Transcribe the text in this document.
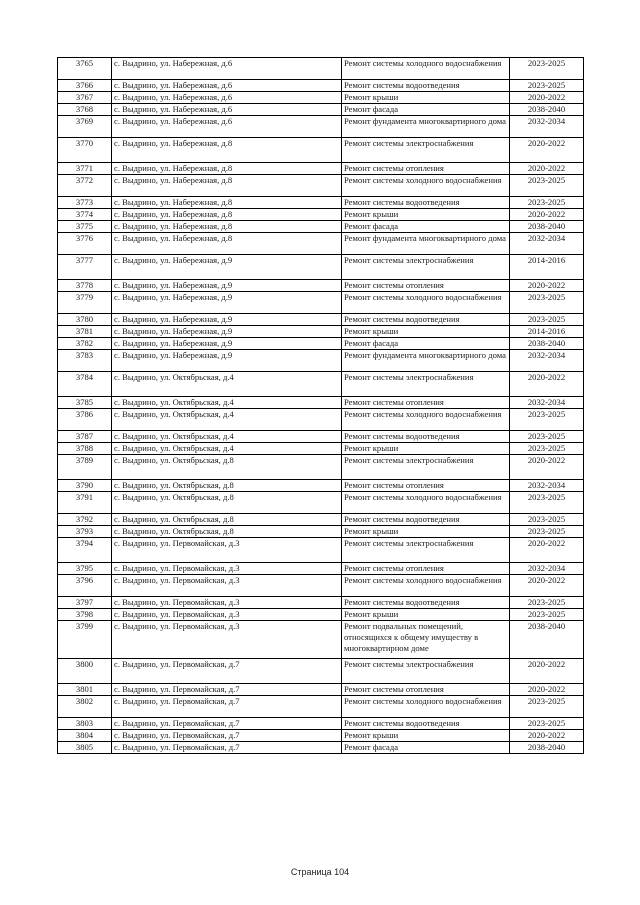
3765	с. Выдрино, ул. Набережная, д.6	Ремонт системы холодного водоснабжения	2023-2025
3766	с. Выдрино, ул. Набережная, д.6	Ремонт системы водоотведения	2023-2025
3767	с. Выдрино, ул. Набережная, д.6	Ремонт крыши	2020-2022
3768	с. Выдрино, ул. Набережная, д.6	Ремонт фасада	2038-2040
3769	с. Выдрино, ул. Набережная, д.6	Ремонт фундамента многоквартирного дома	2032-2034
3770	с. Выдрино, ул. Набережная, д.8	Ремонт системы электроснабжения	2020-2022
3771	с. Выдрино, ул. Набережная, д.8	Ремонт системы отопления	2020-2022
3772	с. Выдрино, ул. Набережная, д.8	Ремонт системы холодного водоснабжения	2023-2025
3773	с. Выдрино, ул. Набережная, д.8	Ремонт системы водоотведения	2023-2025
3774	с. Выдрино, ул. Набережная, д.8	Ремонт крыши	2020-2022
3775	с. Выдрино, ул. Набережная, д.8	Ремонт фасада	2038-2040
3776	с. Выдрино, ул. Набережная, д.8	Ремонт фундамента многоквартирного дома	2032-2034
3777	с. Выдрино, ул. Набережная, д.9	Ремонт системы электроснабжения	2014-2016
3778	с. Выдрино, ул. Набережная, д.9	Ремонт системы отопления	2020-2022
3779	с. Выдрино, ул. Набережная, д.9	Ремонт системы холодного водоснабжения	2023-2025
3780	с. Выдрино, ул. Набережная, д.9	Ремонт системы водоотведения	2023-2025
3781	с. Выдрино, ул. Набережная, д.9	Ремонт крыши	2014-2016
3782	с. Выдрино, ул. Набережная, д.9	Ремонт фасада	2038-2040
3783	с. Выдрино, ул. Набережная, д.9	Ремонт фундамента многоквартирного дома	2032-2034
3784	с. Выдрино, ул. Октябрьская, д.4	Ремонт системы электроснабжения	2020-2022
3785	с. Выдрино, ул. Октябрьская, д.4	Ремонт системы отопления	2032-2034
3786	с. Выдрино, ул. Октябрьская, д.4	Ремонт системы холодного водоснабжения	2023-2025
3787	с. Выдрино, ул. Октябрьская, д.4	Ремонт системы водоотведения	2023-2025
3788	с. Выдрино, ул. Октябрьская, д.4	Ремонт крыши	2023-2025
3789	с. Выдрино, ул. Октябрьская, д.8	Ремонт системы электроснабжения	2020-2022
3790	с. Выдрино, ул. Октябрьская, д.8	Ремонт системы отопления	2032-2034
3791	с. Выдрино, ул. Октябрьская, д.8	Ремонт системы холодного водоснабжения	2023-2025
3792	с. Выдрино, ул. Октябрьская, д.8	Ремонт системы водоотведения	2023-2025
3793	с. Выдрино, ул. Октябрьская, д.8	Ремонт крыши	2023-2025
3794	с. Выдрино, ул. Первомайская, д.3	Ремонт системы электроснабжения	2020-2022
3795	с. Выдрино, ул. Первомайская, д.3	Ремонт системы отопления	2032-2034
3796	с. Выдрино, ул. Первомайская, д.3	Ремонт системы холодного водоснабжения	2020-2022
3797	с. Выдрино, ул. Первомайская, д.3	Ремонт системы водоотведения	2023-2025
3798	с. Выдрино, ул. Первомайская, д.3	Ремонт крыши	2023-2025
3799	с. Выдрино, ул. Первомайская, д.3	Ремонт подвальных помещений, относящихся к общему имуществу в многоквартирном доме	2038-2040
3800	с. Выдрино, ул. Первомайская, д.7	Ремонт системы электроснабжения	2020-2022
3801	с. Выдрино, ул. Первомайская, д.7	Ремонт системы отопления	2020-2022
3802	с. Выдрино, ул. Первомайская, д.7	Ремонт системы холодного водоснабжения	2023-2025
3803	с. Выдрино, ул. Первомайская, д.7	Ремонт системы водоотведения	2023-2025
3804	с. Выдрино, ул. Первомайская, д.7	Ремонт крыши	2020-2022
3805	с. Выдрино, ул. Первомайская, д.7	Ремонт фасада	2038-2040
Страница 104
